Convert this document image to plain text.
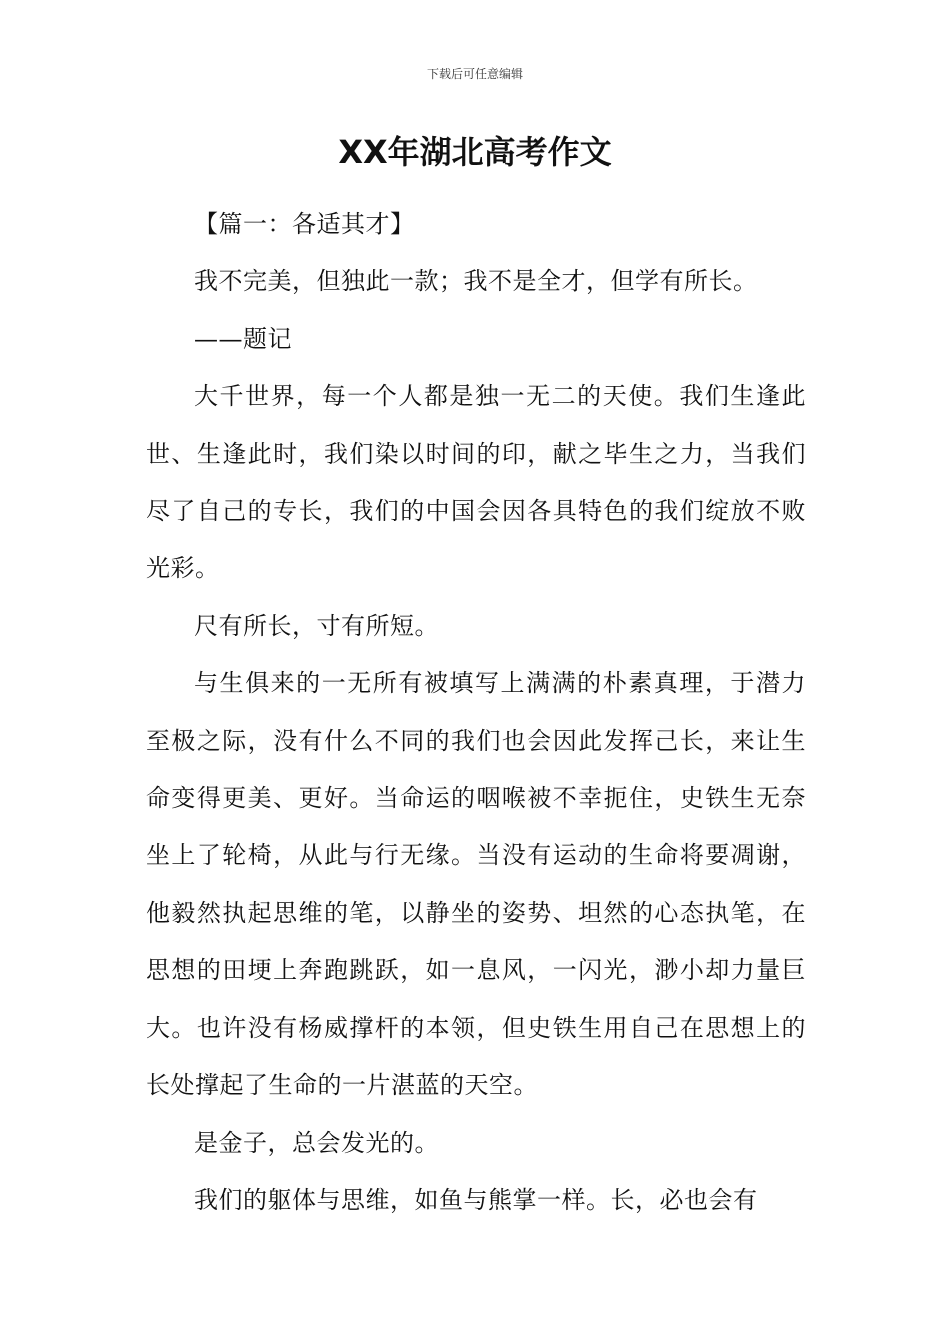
下载后可任意编辑
XX年湖北高考作文

【篇一：各适其才】

我不完美，但独此一款；我不是全才，但学有所长。

——题记

大千世界，每一个人都是独一无二的天使。我们生逢此世、生逢此时，我们染以时间的印，献之毕生之力，当我们尽了自己的专长，我们的中国会因各具特色的我们绽放不败光彩。

尺有所长，寸有所短。

与生俱来的一无所有被填写上满满的朴素真理，于潜力至极之际，没有什么不同的我们也会因此发挥己长，来让生命变得更美、更好。当命运的咽喉被不幸扼住，史铁生无奈坐上了轮椅，从此与行无缘。当没有运动的生命将要凋谢，他毅然执起思维的笔，以静坐的姿势、坦然的心态执笔，在思想的田埂上奔跑跳跃，如一息风，一闪光，渺小却力量巨大。也许没有杨威撑杆的本领，但史铁生用自己在思想上的长处撑起了生命的一片湛蓝的天空。

是金子，总会发光的。

我们的躯体与思维，如鱼与熊掌一样。长，必也会有
